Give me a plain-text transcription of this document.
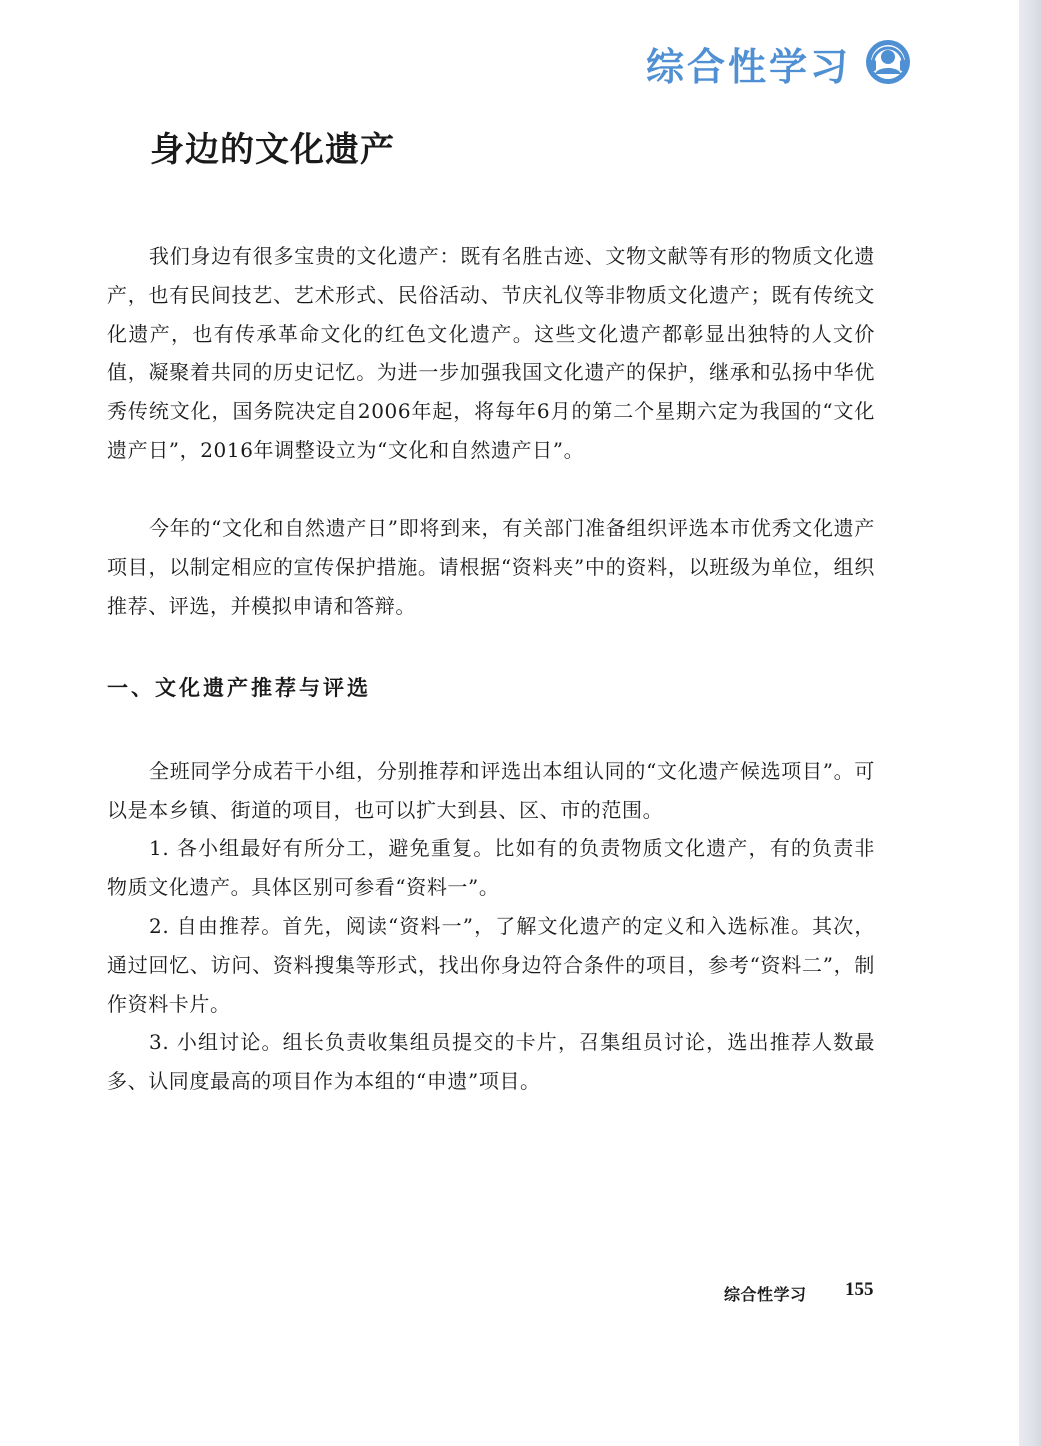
综合性学习
身边的文化遗产

我们身边有很多宝贵的文化遗产：既有名胜古迹、文物文献等有形的物质文化遗产，也有民间技艺、艺术形式、民俗活动、节庆礼仪等非物质文化遗产；既有传统文化遗产，也有传承革命文化的红色文化遗产。这些文化遗产都彰显出独特的人文价值，凝聚着共同的历史记忆。为进一步加强我国文化遗产的保护，继承和弘扬中华优秀传统文化，国务院决定自2006年起，将每年6月的第二个星期六定为我国的“文化遗产日”，2016年调整设立为“文化和自然遗产日”。

今年的“文化和自然遗产日”即将到来，有关部门准备组织评选本市优秀文化遗产项目，以制定相应的宣传保护措施。请根据“资料夹”中的资料，以班级为单位，组织推荐、评选，并模拟申请和答辩。

一、文化遗产推荐与评选

全班同学分成若干小组，分别推荐和评选出本组认同的“文化遗产候选项目”。可以是本乡镇、街道的项目，也可以扩大到县、区、市的范围。

1. 各小组最好有所分工，避免重复。比如有的负责物质文化遗产，有的负责非物质文化遗产。具体区别可参看“资料一”。

2. 自由推荐。首先，阅读“资料一”，了解文化遗产的定义和入选标准。其次，通过回忆、访问、资料搜集等形式，找出你身边符合条件的项目，参考“资料二”，制作资料卡片。

3. 小组讨论。组长负责收集组员提交的卡片，召集组员讨论，选出推荐人数最多、认同度最高的项目作为本组的“申遗”项目。

综合性学习 155
